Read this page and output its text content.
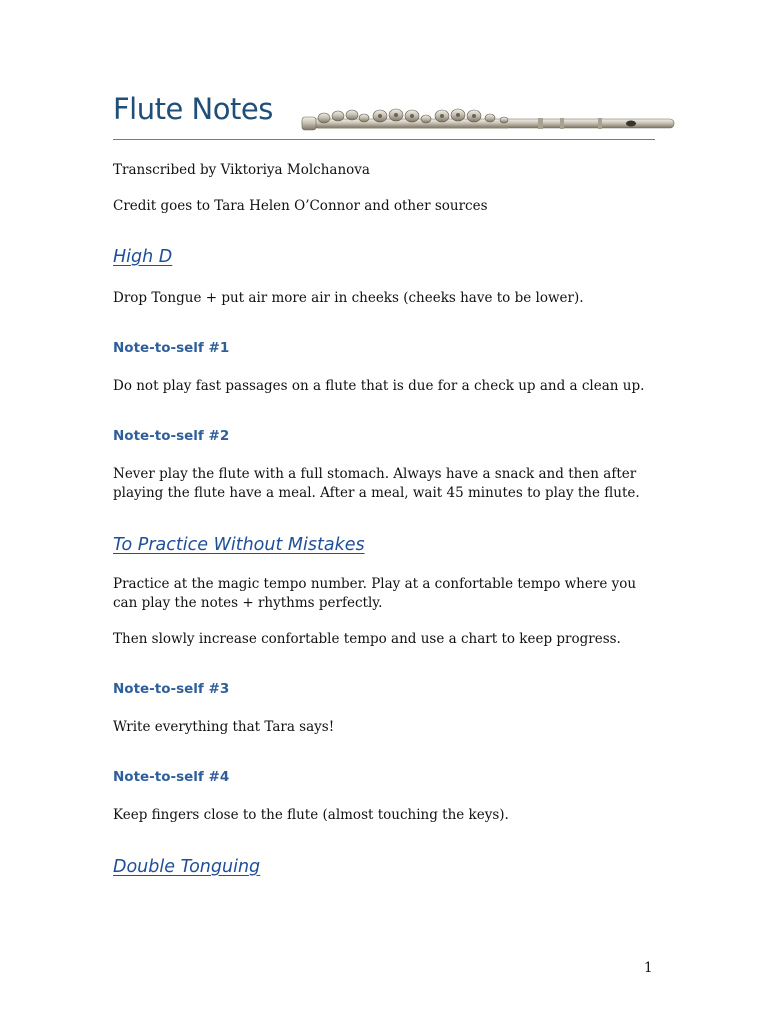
Flute Notes

Transcribed by Viktoriya Molchanova

Credit goes to Tara Helen O’Connor and other sources

High D

Drop Tongue + put air more air in cheeks (cheeks have to be lower).

Note-to-self #1

Do not play fast passages on a flute that is due for a check up and a clean up.

Note-to-self #2

Never play the flute with a full stomach. Always have a snack and then after playing the flute have a meal. After a meal, wait 45 minutes to play the flute.

To Practice Without Mistakes

Practice at the magic tempo number. Play at a confortable tempo where you can play the notes + rhythms perfectly.

Then slowly increase confortable tempo and use a chart to keep progress.

Note-to-self #3

Write everything that Tara says!

Note-to-self #4

Keep fingers close to the flute (almost touching the keys).

Double Tonguing
1
